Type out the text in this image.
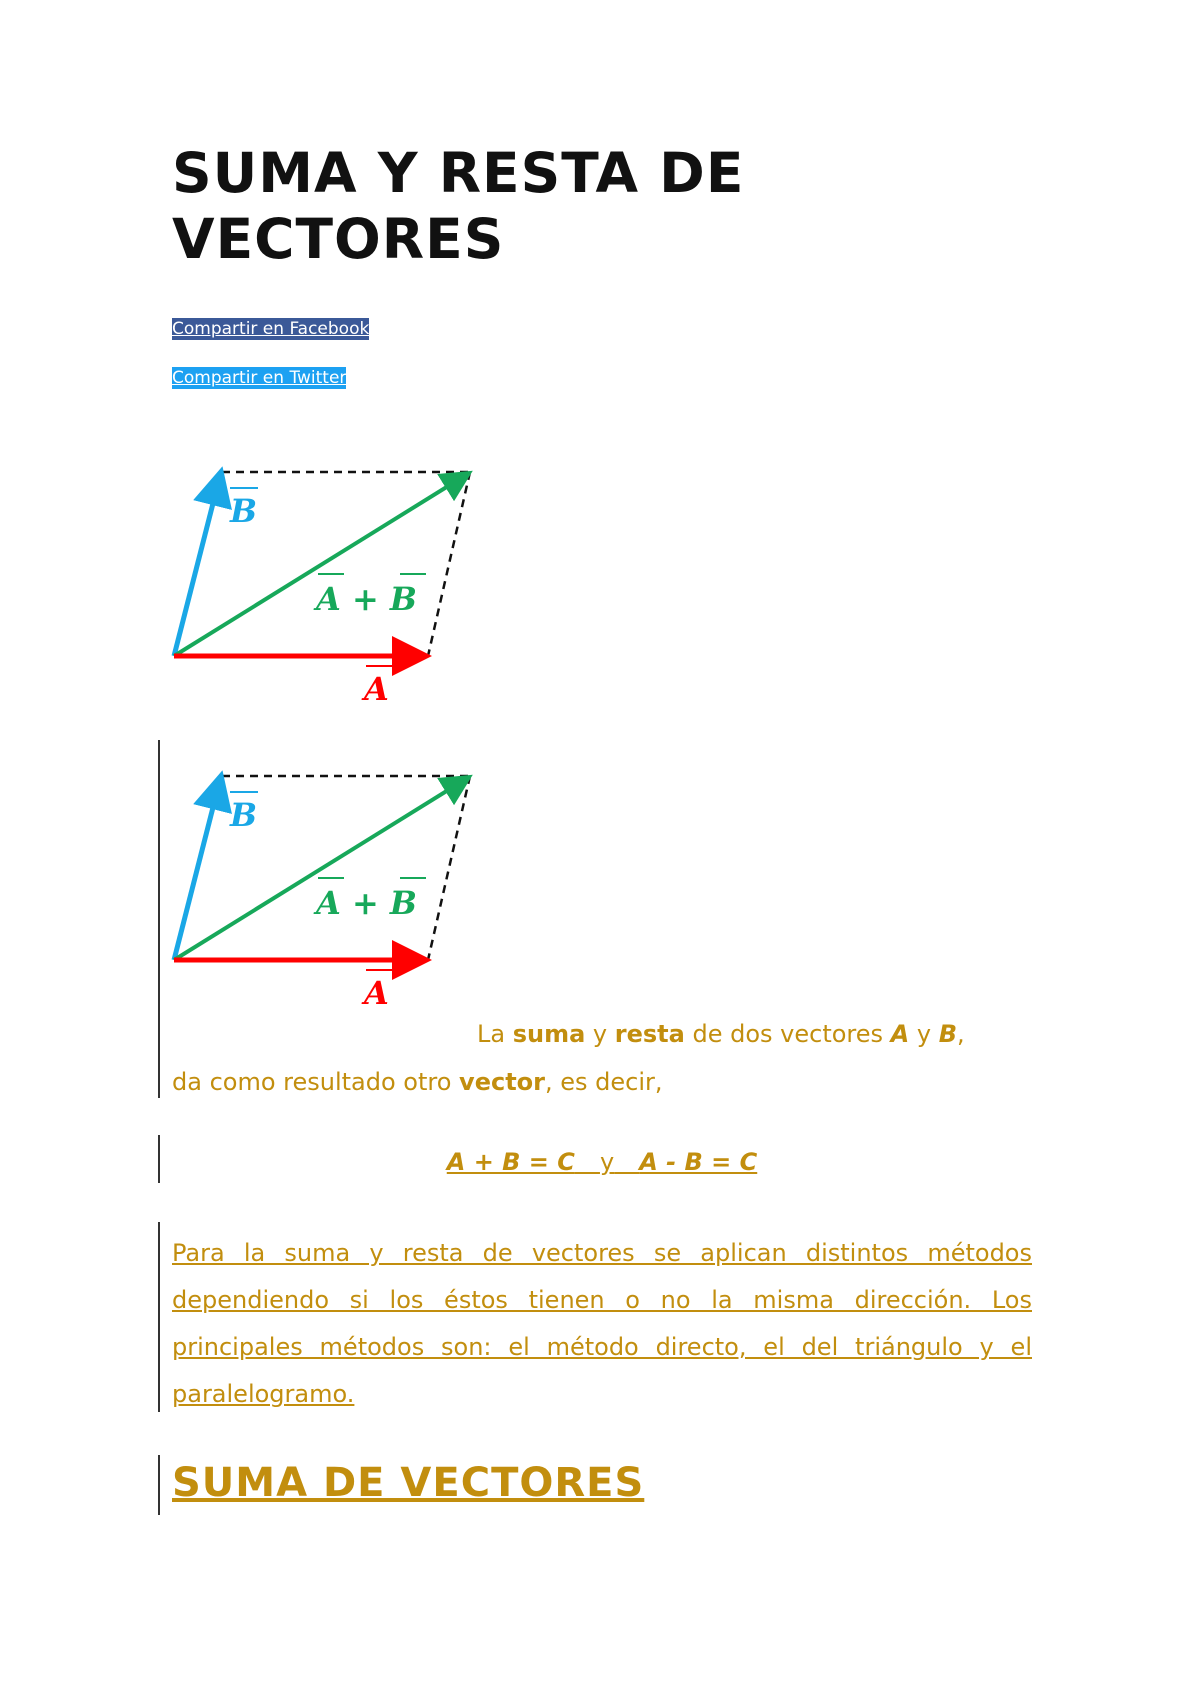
SUMA Y RESTA DE VECTORES
Compartir en Facebook
Compartir en Twitter
B
A + B
A
B
A + B
A
La suma y resta de dos vectores A y B,
da como resultado otro vector, es decir,
A + B = C y A - B = C

Para la suma y resta de vectores se aplican distintos métodos dependiendo si los éstos tienen o no la misma dirección. Los principales métodos son: el método directo, el del triángulo y el paralelogramo.

SUMA DE VECTORES
